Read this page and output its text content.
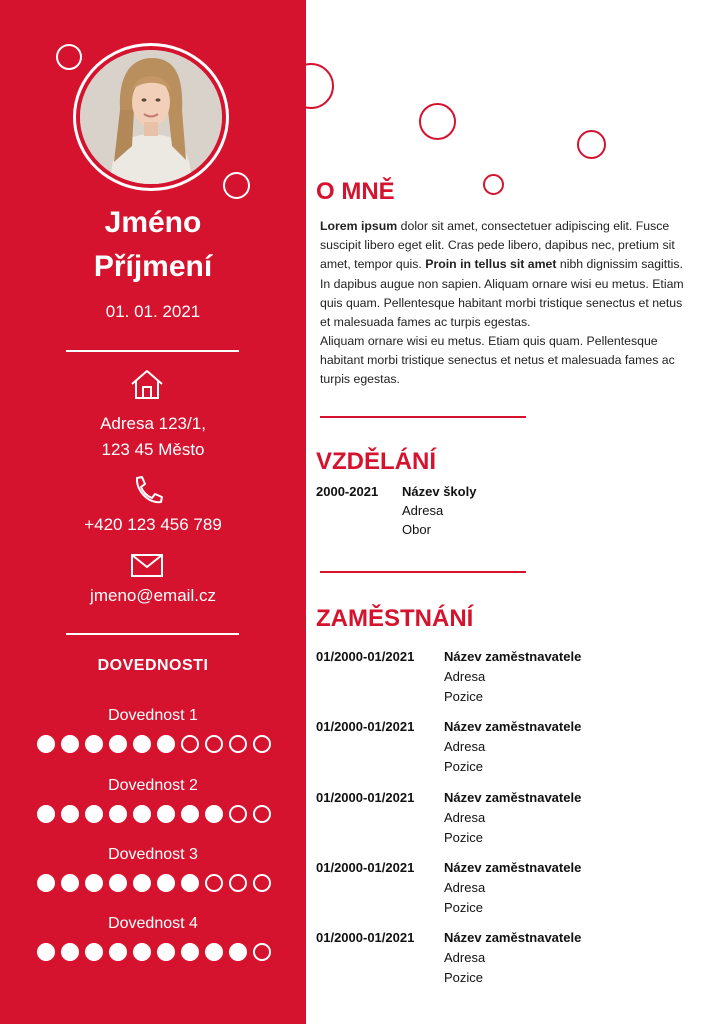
Jméno
Příjmení
01. 01. 2021
Adresa 123/1,
123 45 Město
+420 123 456 789
jmeno@email.cz
DOVEDNOSTI
Dovednost 1
Dovednost 2
Dovednost 3
Dovednost 4
O MNĚ
Lorem ipsum dolor sit amet, consectetuer adipiscing elit. Fusce suscipit libero eget elit. Cras pede libero, dapibus nec, pretium sit amet, tempor quis. Proin in tellus sit amet nibh dignissim sagittis. In dapibus augue non sapien. Aliquam ornare wisi eu metus. Etiam quis quam. Pellentesque habitant morbi tristique senectus et netus et malesuada fames ac turpis egestas.
Aliquam ornare wisi eu metus. Etiam quis quam. Pellentesque habitant morbi tristique senectus et netus et malesuada fames ac turpis egestas.
VZDĚLÁNÍ
2000-2021 Název školy
Adresa
Obor
ZAMĚSTNÁNÍ
01/2000-01/2021 Název zaměstnavatele
Adresa
Pozice
01/2000-01/2021 Název zaměstnavatele
Adresa
Pozice
01/2000-01/2021 Název zaměstnavatele
Adresa
Pozice
01/2000-01/2021 Název zaměstnavatele
Adresa
Pozice
01/2000-01/2021 Název zaměstnavatele
Adresa
Pozice
